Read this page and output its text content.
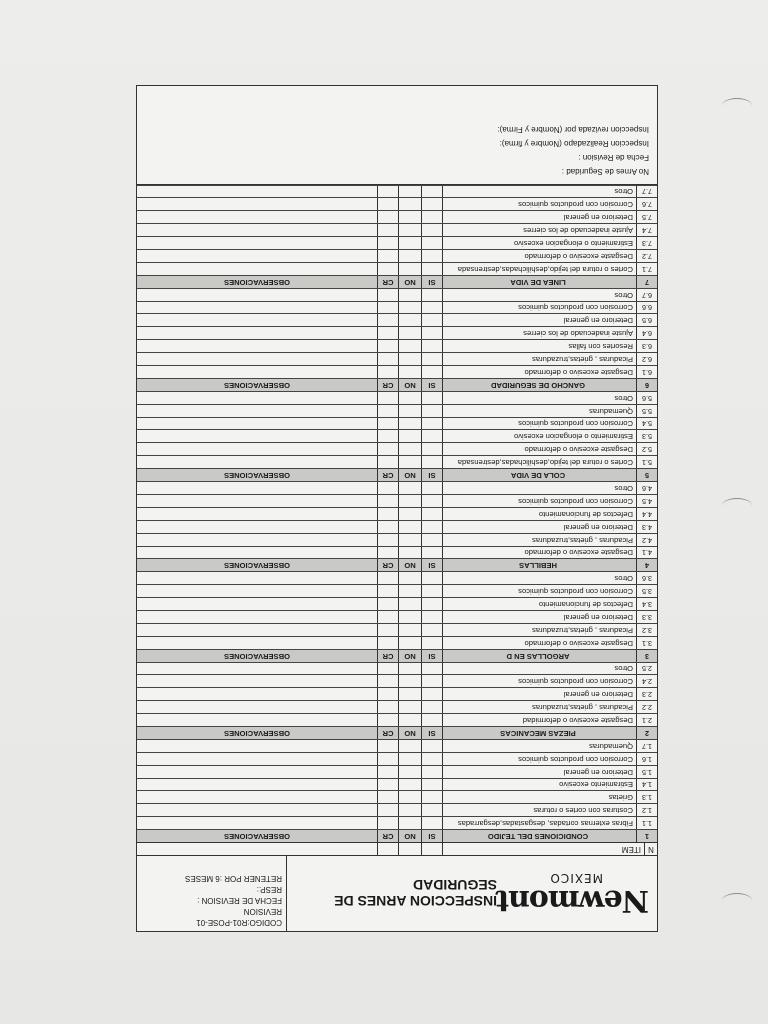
Newmont
MEXICO
INSPECCION ARNES DE SEGURIDAD
CODIGO:R01-POSE-01
REVISION
FECHA DE REVISION :
RESP.:
RETENER POR :6 MESES
N
ITEM
1
CONDICIONES DEL TEJIDO
SI
NO
CR
OBSERVACIONES
1.1
Fibras externas cortadas, desgastadas,desgarradas
1.2
Costuras con cortes o roturas
1.3
Grietas
1.4
Estiramiento excesivo
1.5
Deterioro en general
1.6
Corrosion con productos quimicos
1.7
Quemaduras
2
PIEZAS MECANICAS
SI
NO
CR
OBSERVACIONES
2.1
Desgaste excesivo o deformidad
2.2
Picaduras , grietas,truzaduras
2.3
Deterioro en general
2.4
Corrosion con productos quimicos
2.5
Otros
3
ARGOLLAS EN D
SI
NO
CR
OBSERVACIONES
3.1
Desgaste excesivo o deformado
3.2
Picaduras , grietas,truzaduras
3.3
Deterioro en general
3.4
Defectos de funcionamiento
3.5
Corrosion con productos quimicos
3.6
Otros
4
HEBILLAS
SI
NO
CR
OBSERVACIONES
4.1
Desgaste excesivo o deformado
4.2
Picaduras , grietas,truzaduras
4.3
Deterioro en general
4.4
Defectos de funcionamiento
4.5
Corrosion con productos quimicos
4.6
Otros
5
COLA DE VIDA
SI
NO
CR
OBSERVACIONES
5.1
Cortes o rotura del tejido,deshilichadas,destrensada
5.2
Desgaste excesivo o deformado
5.3
Estiramiento o elongacion excesivo
5.4
Corrosion con productos quimicos
5.5
Quemaduras
5.6
Otros
6
GANCHO DE SEGURIDAD
SI
NO
CR
OBSERVACIONES
6.1
Desgaste excesivo o deformado
6.2
Picaduras , grietas,truzaduras
6.3
Resortes con fallas
6.4
Ajuste inadecuado de los cierres
6.5
Deterioro en general
6.6
Corrosion con productos quimicos
6.7
Otros
7
LINEA DE VIDA
SI
NO
CR
OBSERVACIONES
7.1
Cortes o rotura del tejido,deshilichadas,destrensada
7.2
Desgaste excesivo o deformado
7.3
Estiramiento o elongacion excesivo
7.4
Ajuste inadecuado de los cierres
7.5
Deterioro en general
7.6
Corrosion con productos quimicos
7.7
Otros
No Arnes de Seguridad :
Fecha de Revision :
Inspeccion Realizadapo (Nombre y firma):
Inspeccion revizada por (Nombre y Firma):
